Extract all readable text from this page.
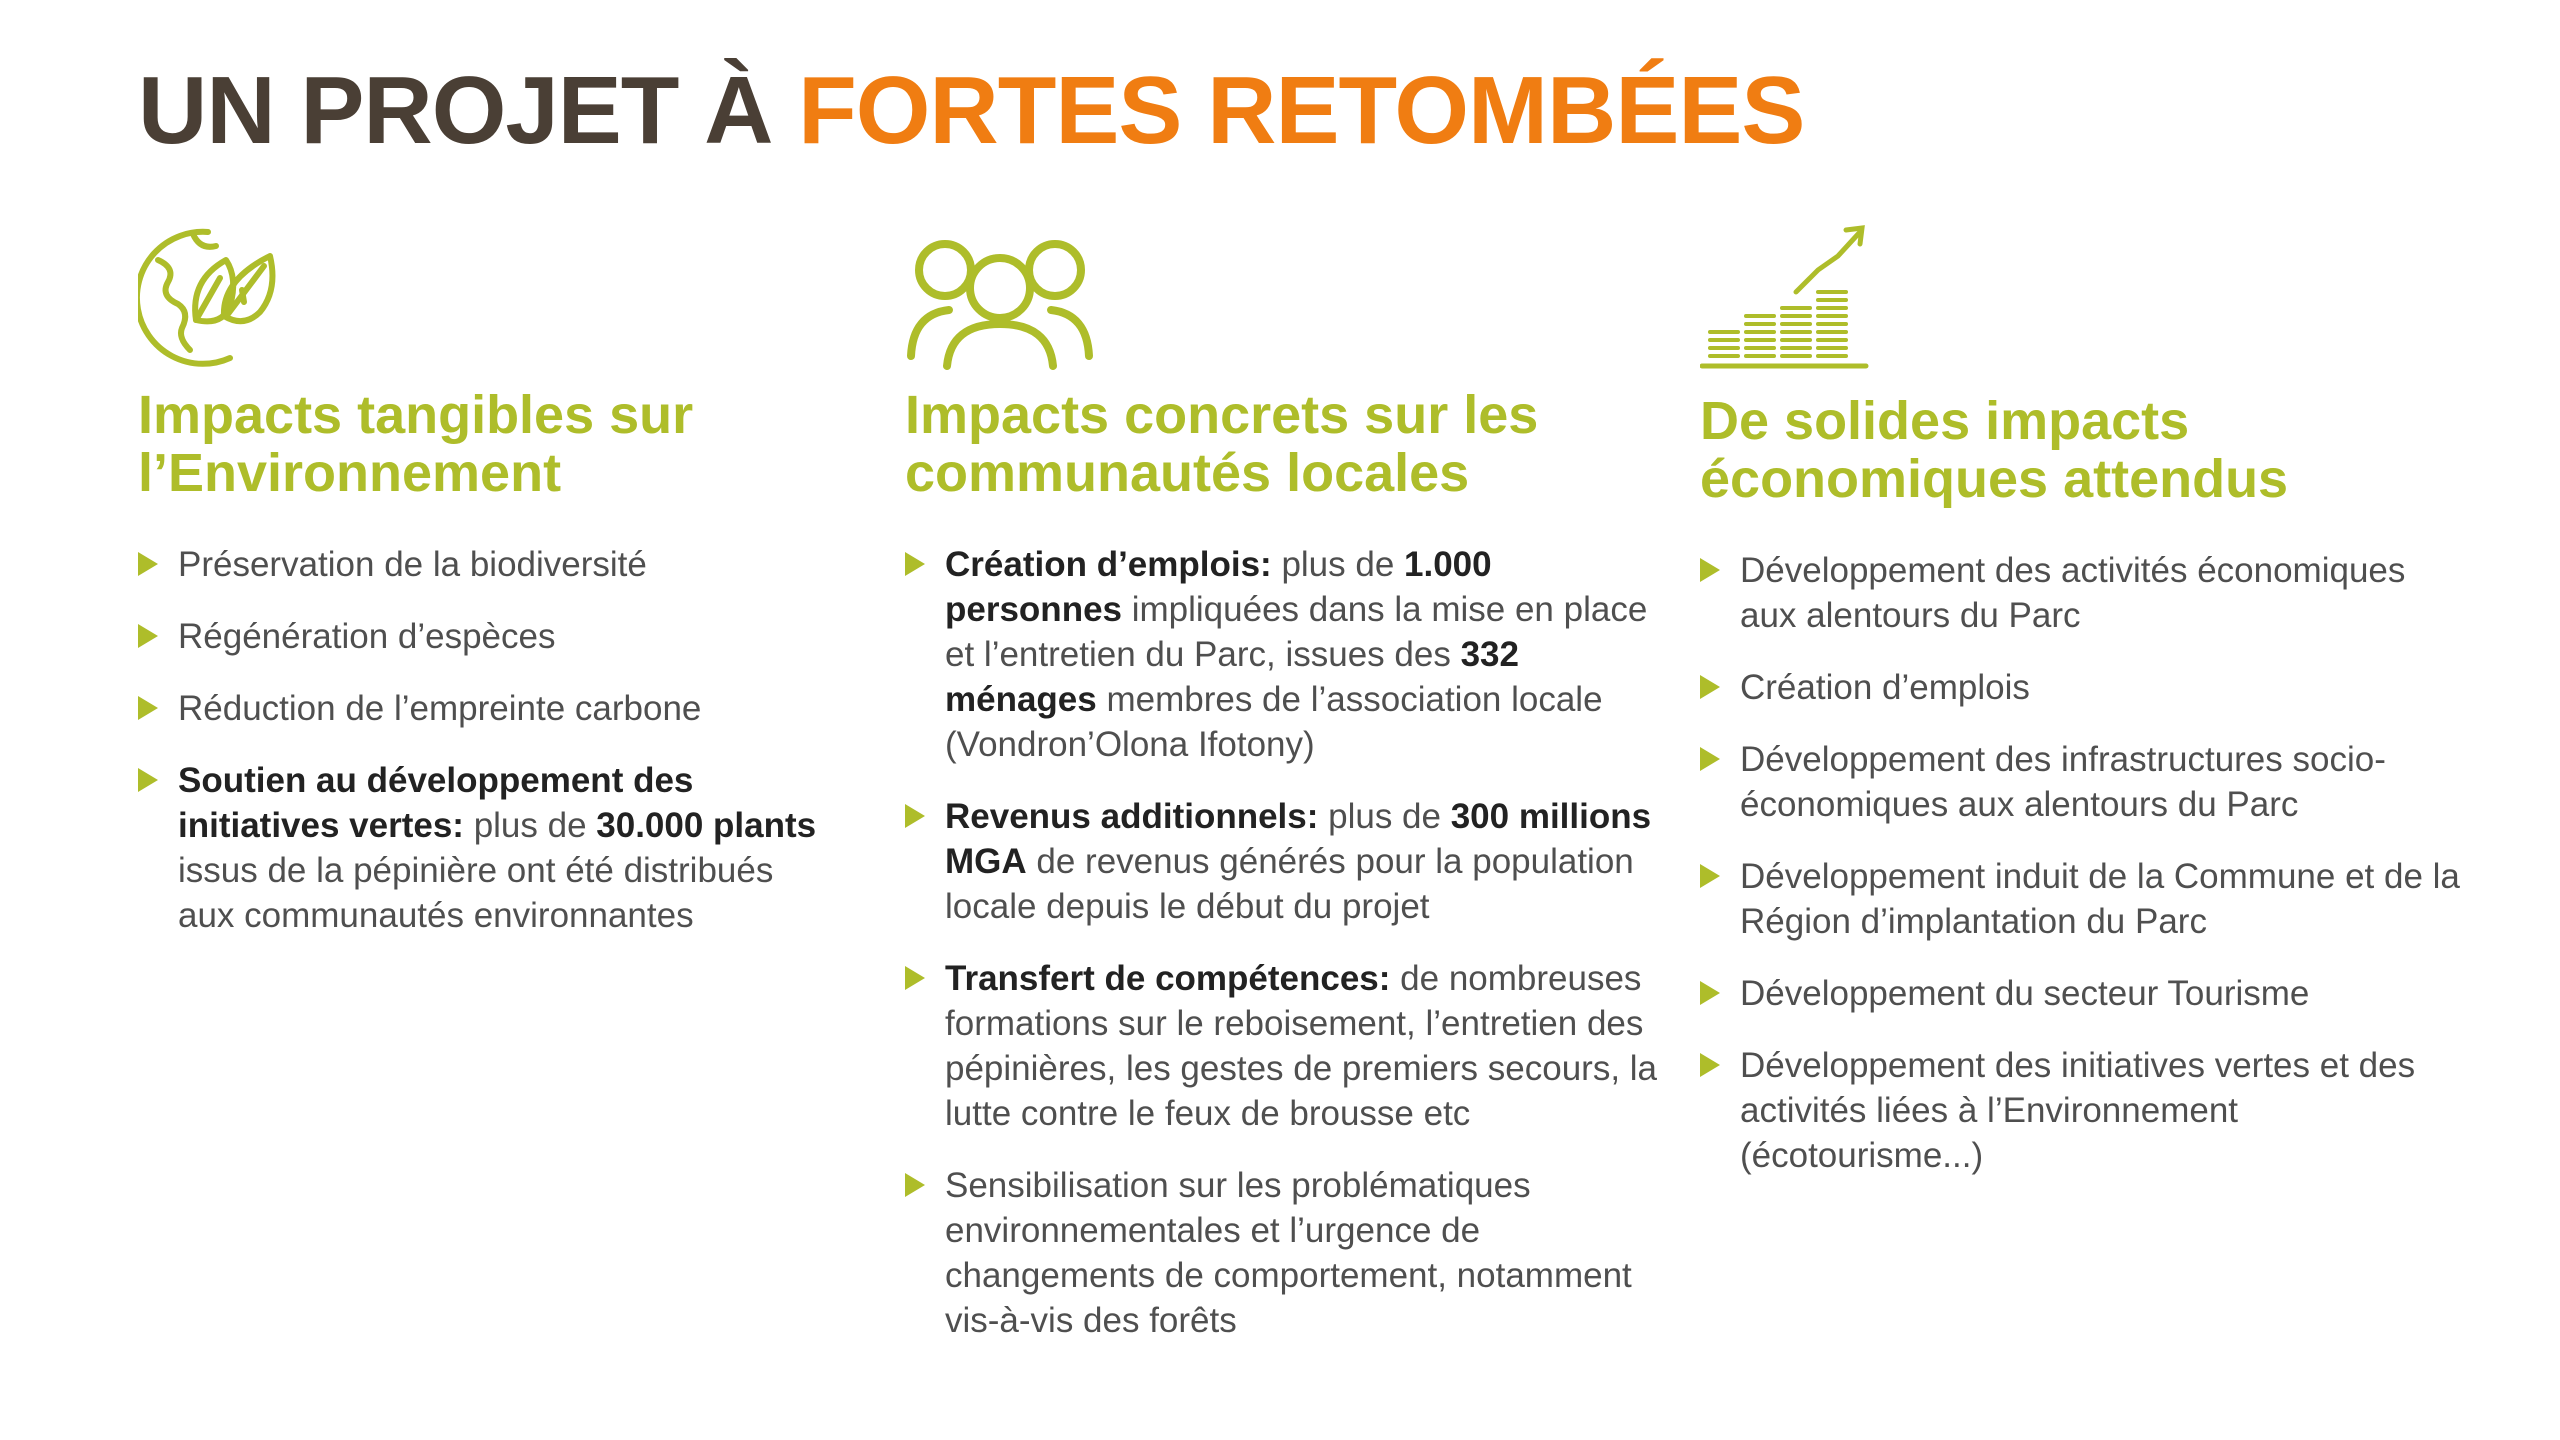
UN PROJET À FORTES RETOMBÉES
Impacts tangibles sur l’Environnement
Préservation de la biodiversité
Régénération d’espèces
Réduction de l’empreinte carbone
Soutien au développement des initiatives vertes: plus de 30.000 plants issus de la pépinière ont été distribués aux communautés environnantes
Impacts concrets sur les communautés locales
Création d’emplois: plus de 1.000 personnes impliquées dans la mise en place et l’entretien du Parc, issues des 332 ménages membres de l’association locale (Vondron’Olona Ifotony)
Revenus additionnels: plus de 300 millions MGA de revenus générés pour la population locale depuis le début du projet
Transfert de compétences: de nombreuses formations sur le reboisement, l’entretien des pépinières, les gestes de premiers secours, la lutte contre le feux de brousse etc
Sensibilisation sur les problématiques environnementales et l’urgence de changements de comportement, notamment vis-à-vis des forêts
De solides impacts économiques attendus
Développement des activités économiques aux alentours du Parc
Création d’emplois
Développement des infrastructures socio-économiques aux alentours du Parc
Développement induit de la Commune et de la Région d’implantation du Parc
Développement du secteur Tourisme
Développement des initiatives vertes et des activités liées à l’Environnement (écotourisme...)
